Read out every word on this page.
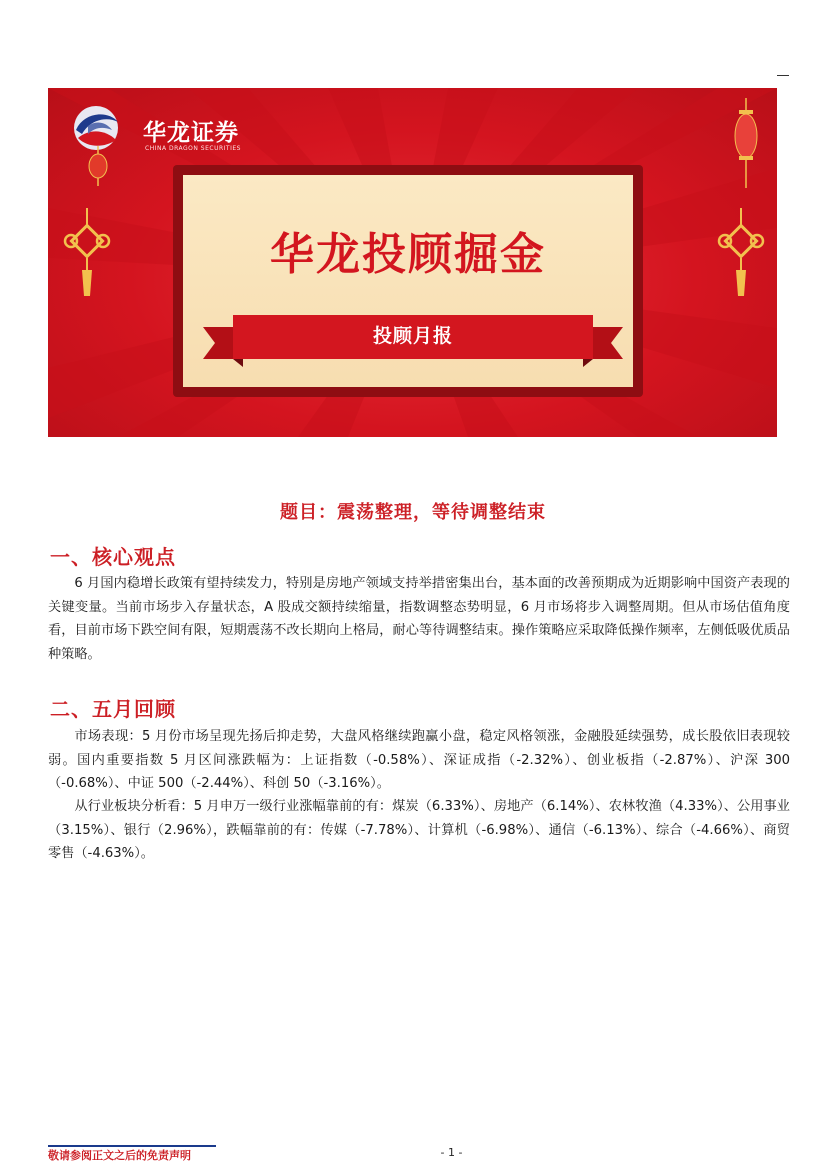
华龙证券
CHINA DRAGON SECURITIES
华龙投顾掘金
投顾月报
题目：震荡整理，等待调整结束
一、核心观点

6 月国内稳增长政策有望持续发力，特别是房地产领域支持举措密集出台，基本面的改善预期成为近期影响中国资产表现的关键变量。当前市场步入存量状态，A 股成交额持续缩量，指数调整态势明显，6 月市场将步入调整周期。但从市场估值角度看，目前市场下跌空间有限，短期震荡不改长期向上格局，耐心等待调整结束。操作策略应采取降低操作频率，左侧低吸优质品种策略。

二、五月回顾

市场表现：5 月份市场呈现先扬后抑走势，大盘风格继续跑赢小盘，稳定风格领涨，金融股延续强势，成长股依旧表现较弱。国内重要指数 5 月区间涨跌幅为：上证指数（-0.58%）、深证成指（-2.32%）、创业板指（-2.87%）、沪深 300（-0.68%）、中证 500（-2.44%）、科创 50（-3.16%）。

从行业板块分析看：5 月申万一级行业涨幅靠前的有：煤炭（6.33%）、房地产（6.14%）、农林牧渔（4.33%）、公用事业（3.15%）、银行（2.96%），跌幅靠前的有：传媒（-7.78%）、计算机（-6.98%）、通信（-6.13%）、综合（-4.66%）、商贸零售（-4.63%）。

敬请参阅正文之后的免责声明	- 1 -
